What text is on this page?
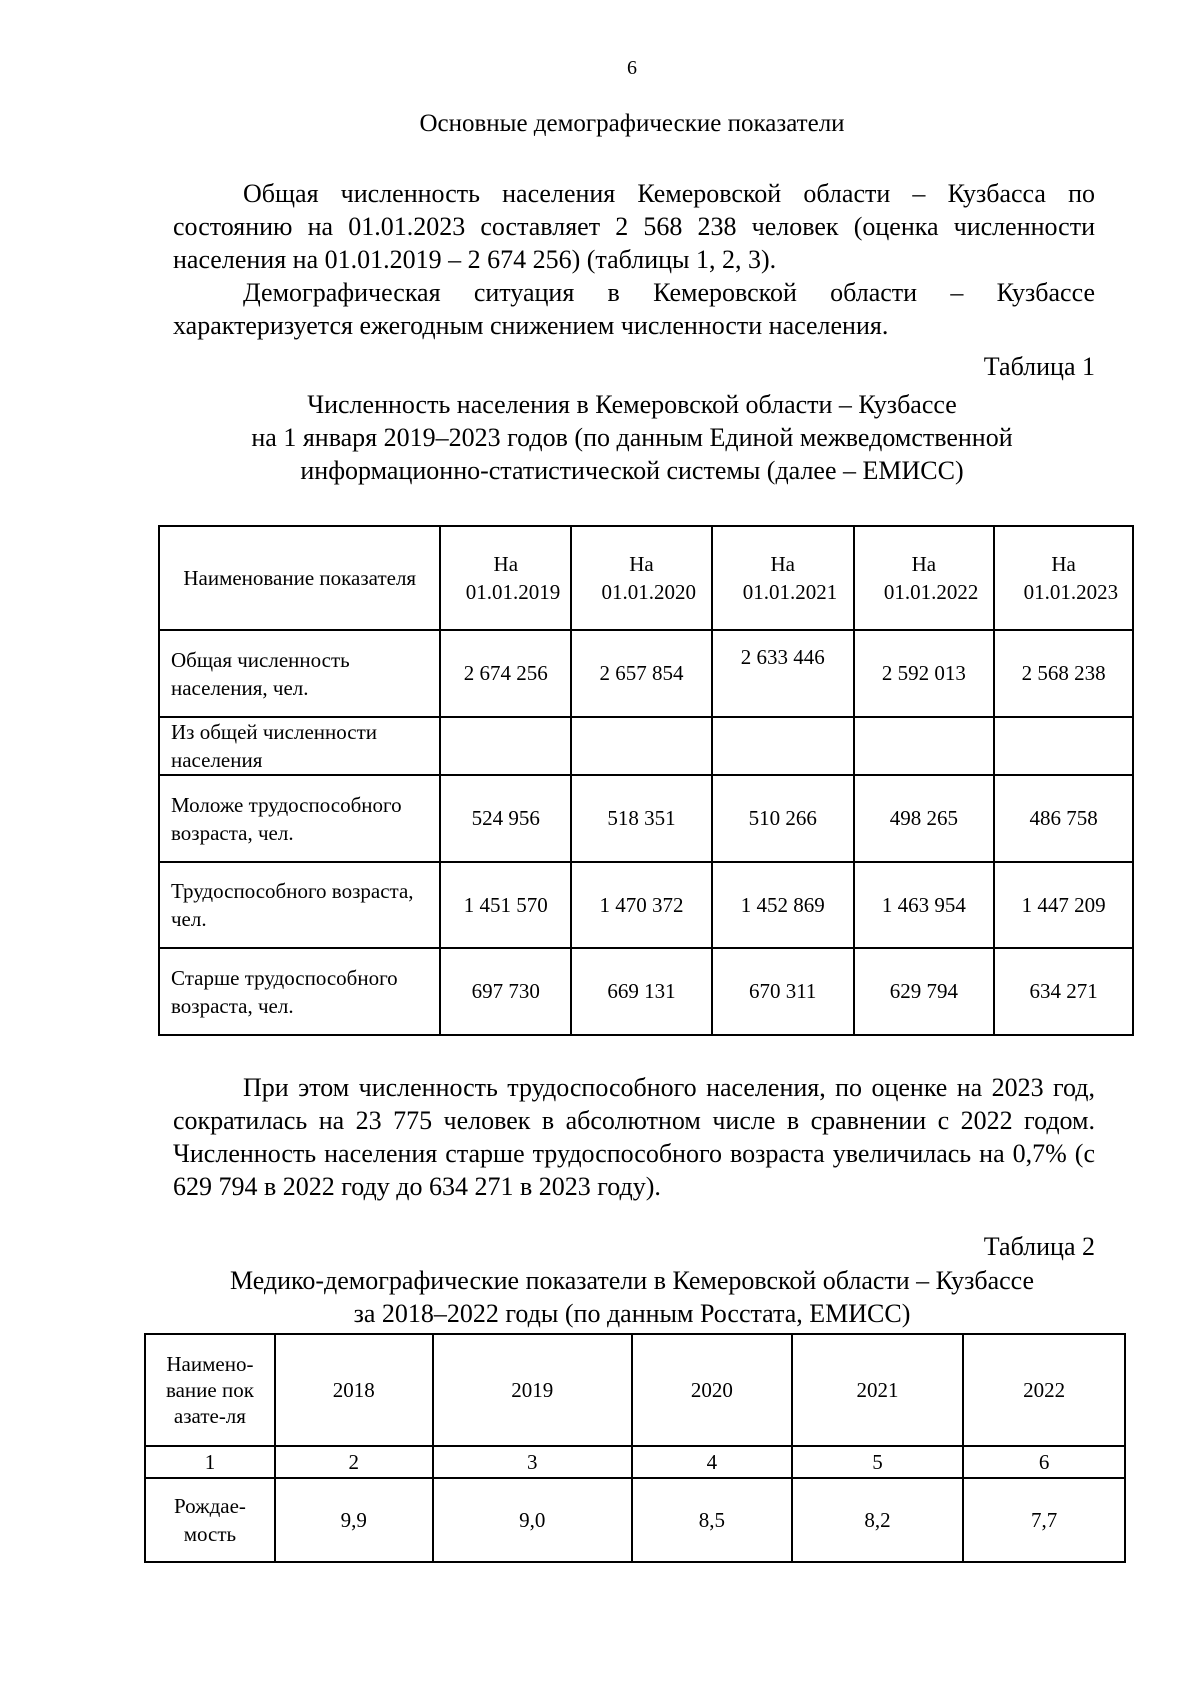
6
Основные демографические показатели
Общая численность населения Кемеровской области – Кузбасса по состоянию на 01.01.2023 составляет 2 568 238 человек (оценка численности населения на 01.01.2019 – 2 674 256) (таблицы 1, 2, 3).
Демографическая ситуация в Кемеровской области – Кузбассе характеризуется ежегодным снижением численности населения.
Таблица 1
Численность населения в Кемеровской области – Кузбассе
на 1 января 2019–2023 годов (по данным Единой межведомственной
информационно-статистической системы (далее – ЕМИСС)
Наименование показателя	На 01.01.2019	На 01.01.2020	На 01.01.2021	На 01.01.2022	На 01.01.2023

Общая численность населения, чел.	2 674 256	2 657 854	2 633 446	2 592 013	2 568 238
Из общей численности населения					
Моложе трудоспособного возраста, чел.	524 956	518 351	510 266	498 265	486 758
Трудоспособного возраста, чел.	1 451 570	1 470 372	1 452 869	1 463 954	1 447 209
Старше трудоспособного возраста, чел.	697 730	669 131	670 311	629 794	634 271
При этом численность трудоспособного населения, по оценке на 2023 год, сократилась на 23 775 человек в абсолютном числе в сравнении с 2022 годом. Численность населения старше трудоспособного возраста увеличилась на 0,7% (с 629 794 в 2022 году до 634 271 в 2023 году).
Таблица 2
Медико-демографические показатели в Кемеровской области – Кузбассе
за 2018–2022 годы (по данным Росстата, ЕМИСС)
Наимено-вание показате-ля	2018	2019	2020	2021	2022
1	2	3	4	5	6

Рождае-мость	9,9	9,0	8,5	8,2	7,7
